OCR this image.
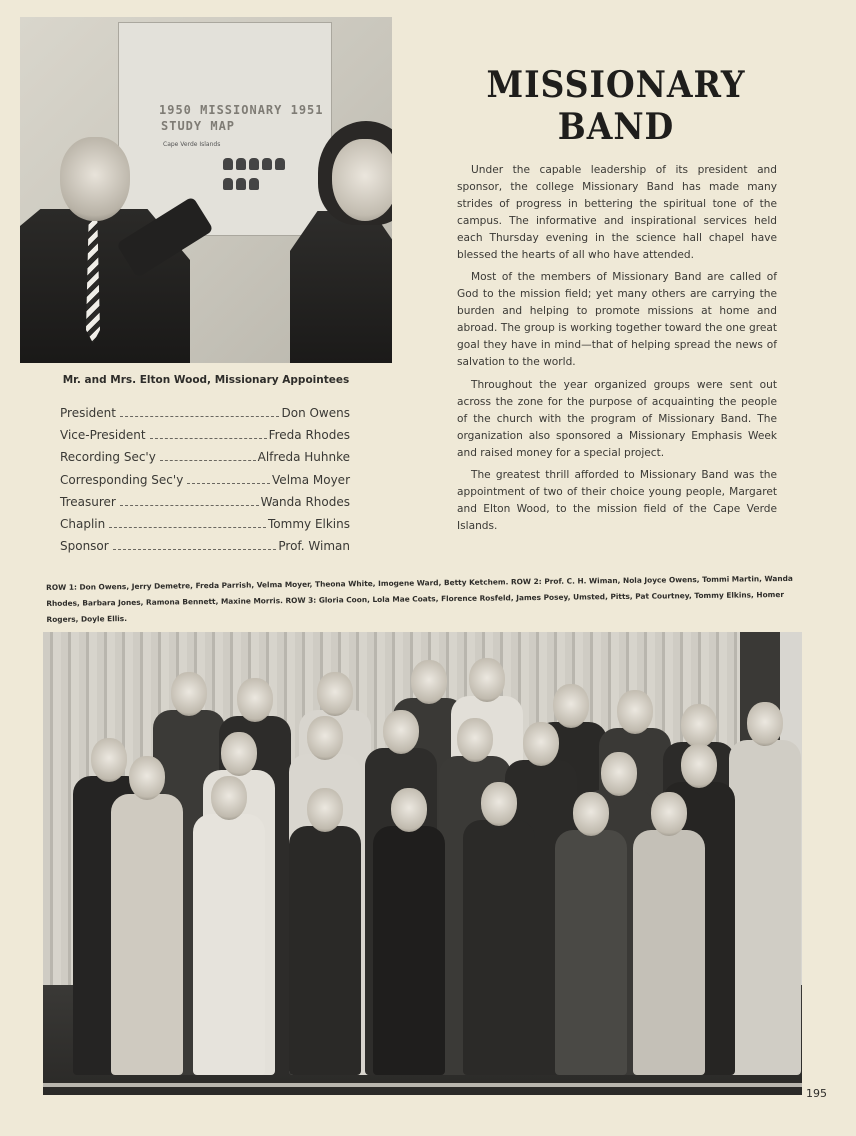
1950 MISSIONARY 1951
STUDY MAP
Cape Verde Islands
Mr. and Mrs. Elton Wood, Missionary Appointees
President	Don Owens
Vice-President	Freda Rhodes
Recording Sec'y	Alfreda Huhnke
Corresponding Sec'y	Velma Moyer
Treasurer	Wanda Rhodes
Chaplin	Tommy Elkins
Sponsor	Prof. Wiman
MISSIONARY BAND

Under the capable leadership of its president and sponsor, the college Missionary Band has made many strides of progress in bettering the spiritual tone of the campus. The informative and inspirational services held each Thursday evening in the science hall chapel have blessed the hearts of all who have attended.

Most of the members of Missionary Band are called of God to the mission field; yet many others are carrying the burden and helping to promote missions at home and abroad. The group is working together toward the one great goal they have in mind—that of helping spread the news of salvation to the world.

Throughout the year organized groups were sent out across the zone for the purpose of acquainting the people of the church with the program of Missionary Band. The organization also sponsored a Missionary Emphasis Week and raised money for a special project.

The greatest thrill afforded to Missionary Band was the appointment of two of their choice young people, Margaret and Elton Wood, to the mission field of the Cape Verde Islands.

ROW 1: Don Owens, Jerry Demetre, Freda Parrish, Velma Moyer, Theona White, Imogene Ward, Betty Ketchem. ROW 2: Prof. C. H. Wiman, Nola Joyce Owens, Tommi Martin, Wanda Rhodes, Barbara Jones, Ramona Bennett, Maxine Morris. ROW 3: Gloria Coon, Lola Mae Coats, Florence Rosfeld, James Posey, Umsted, Pitts, Pat Courtney, Tommy Elkins, Homer Rogers, Doyle Ellis.
195
